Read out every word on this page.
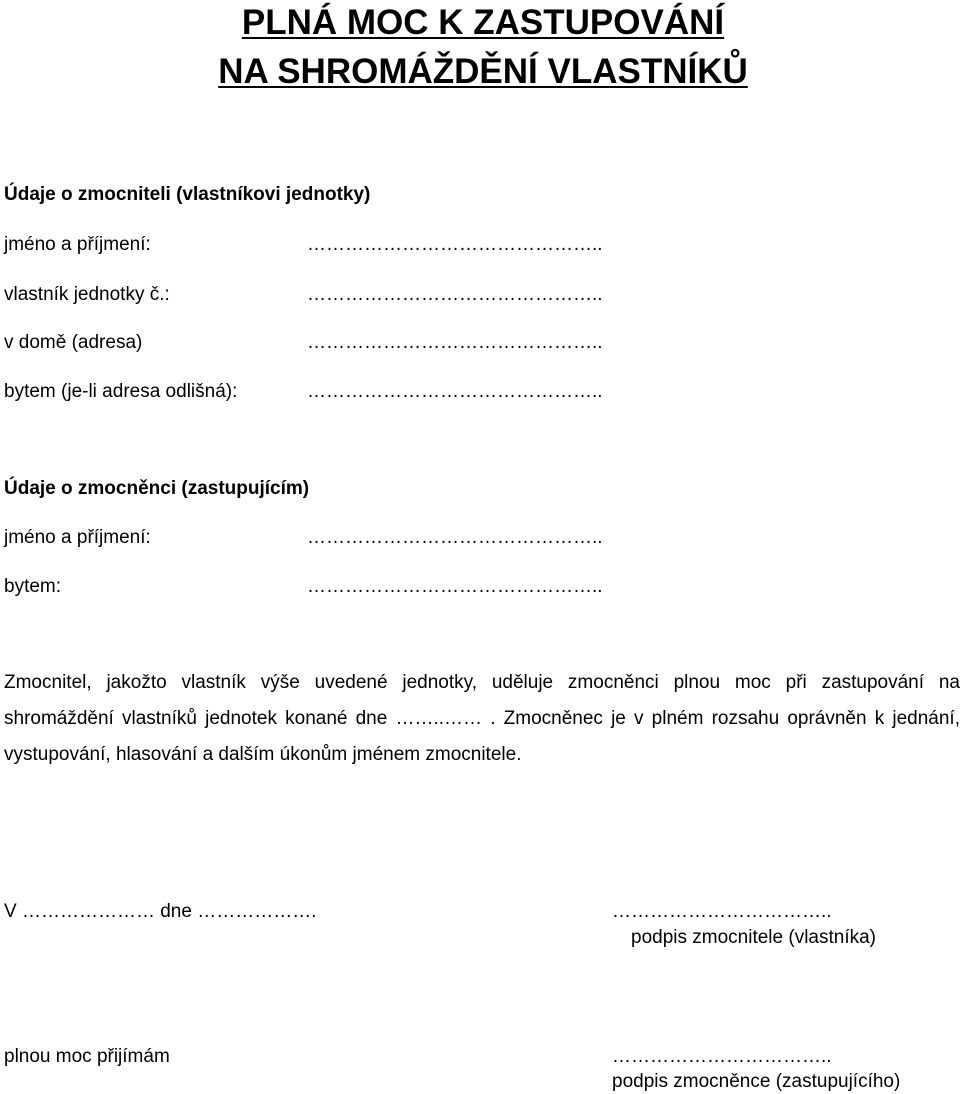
PLNÁ MOC K ZASTUPOVÁNÍ
NA SHROMÁŽDĚNÍ VLASTNÍKŮ
Údaje o zmocniteli (vlastníkovi jednotky)
jméno a příjmení:	………………………………………..
vlastník jednotky č.:	………………………………………..
v domě (adresa)	………………………………………..
bytem (je-li adresa odlišná):	………………………………………..
Údaje o zmocněnci (zastupujícím)
jméno a příjmení:	………………………………………..
bytem:	………………………………………..

Zmocnitel, jakožto vlastník výše uvedené jednotky, uděluje zmocněnci plnou moc při zastupování na shromáždění vlastníků jednotek konané dne ……..…… . Zmocněnec je v plném rozsahu oprávněn k jednání, vystupování, hlasování a dalším úkonům jménem zmocnitele.

V ………………… dne ……………….	……………………………..
podpis zmocnitele (vlastníka)
plnou moc přijímám	……………………………..
podpis zmocněnce (zastupujícího)
